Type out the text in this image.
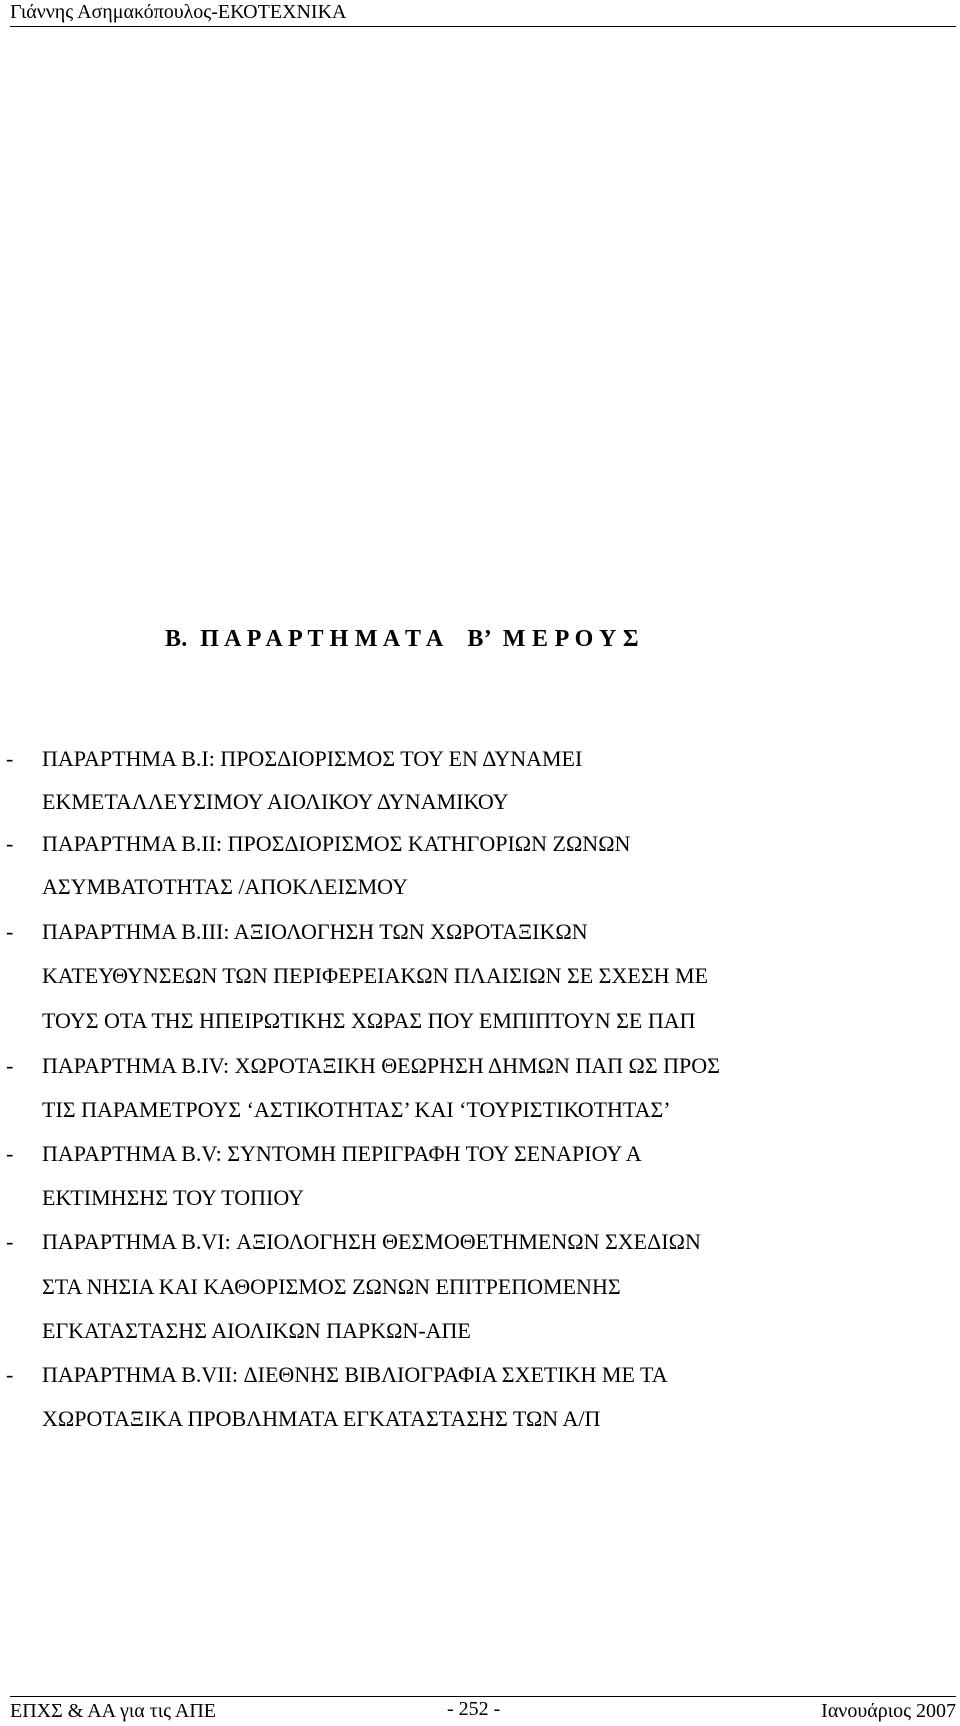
Γιάννης Ασημακόπουλος-ΕΚΟΤΕΧΝΙΚΑ
Β.  Π Α Ρ Α Ρ Τ Η Μ Α Τ Α    Β’  Μ Ε Ρ Ο Υ Σ
- ΠΑΡΑΡΤΗΜΑ Β.Ι: ΠΡΟΣΔΙΟΡΙΣΜΟΣ ΤΟΥ ΕΝ ΔΥΝΑΜΕΙ
ΕΚΜΕΤΑΛΛΕΥΣΙΜΟΥ ΑΙΟΛΙΚΟΥ ΔΥΝΑΜΙΚΟΥ
- ΠΑΡΑΡΤΗΜΑ Β.ΙΙ: ΠΡΟΣΔΙΟΡΙΣΜΟΣ ΚΑΤΗΓΟΡΙΩΝ ΖΩΝΩΝ
ΑΣΥΜΒΑΤΟΤΗΤΑΣ /ΑΠΟΚΛΕΙΣΜΟΥ
- ΠΑΡΑΡΤΗΜΑ Β.ΙΙΙ: ΑΞΙΟΛΟΓΗΣΗ ΤΩΝ ΧΩΡΟΤΑΞΙΚΩΝ
ΚΑΤΕΥΘΥΝΣΕΩΝ ΤΩΝ ΠΕΡΙΦΕΡΕΙΑΚΩΝ ΠΛΑΙΣΙΩΝ ΣΕ ΣΧΕΣΗ ΜΕ
ΤΟΥΣ ΟΤΑ ΤΗΣ ΗΠΕΙΡΩΤΙΚΗΣ ΧΩΡΑΣ ΠΟΥ ΕΜΠΙΠΤΟΥΝ ΣΕ ΠΑΠ
- ΠΑΡΑΡΤΗΜΑ Β.IV: ΧΩΡΟΤΑΞΙΚΗ ΘΕΩΡΗΣΗ ΔΗΜΩΝ ΠΑΠ ΩΣ ΠΡΟΣ
ΤΙΣ ΠΑΡΑΜΕΤΡΟΥΣ ‘ΑΣΤΙΚΟΤΗΤΑΣ’ ΚΑΙ ‘ΤΟΥΡΙΣΤΙΚΟΤΗΤΑΣ’
- ΠΑΡΑΡΤΗΜΑ Β.V: ΣΥΝΤΟΜΗ ΠΕΡΙΓΡΑΦΗ ΤΟΥ ΣΕΝΑΡΙΟΥ Α
ΕΚΤΙΜΗΣΗΣ ΤΟΥ ΤΟΠΙΟΥ
- ΠΑΡΑΡΤΗΜΑ Β.VI: ΑΞΙΟΛΟΓΗΣΗ ΘΕΣΜΟΘΕΤΗΜΕΝΩΝ ΣΧΕΔΙΩΝ
ΣΤΑ ΝΗΣΙΑ ΚΑΙ ΚΑΘΟΡΙΣΜΟΣ ΖΩΝΩΝ ΕΠΙΤΡΕΠΟΜΕΝΗΣ
ΕΓΚΑΤΑΣΤΑΣΗΣ ΑΙΟΛΙΚΩΝ ΠΑΡΚΩΝ-ΑΠΕ
- ΠΑΡΑΡΤΗΜΑ Β.VII: ΔΙΕΘΝΗΣ ΒΙΒΛΙΟΓΡΑΦΙΑ ΣΧΕΤΙΚΗ ΜΕ ΤΑ
ΧΩΡΟΤΑΞΙΚΑ ΠΡΟΒΛΗΜΑΤΑ ΕΓΚΑΤΑΣΤΑΣΗΣ ΤΩΝ Α/Π
ΕΠΧΣ & ΑΑ για τις ΑΠΕ	- 252 -	Ιανουάριος 2007
